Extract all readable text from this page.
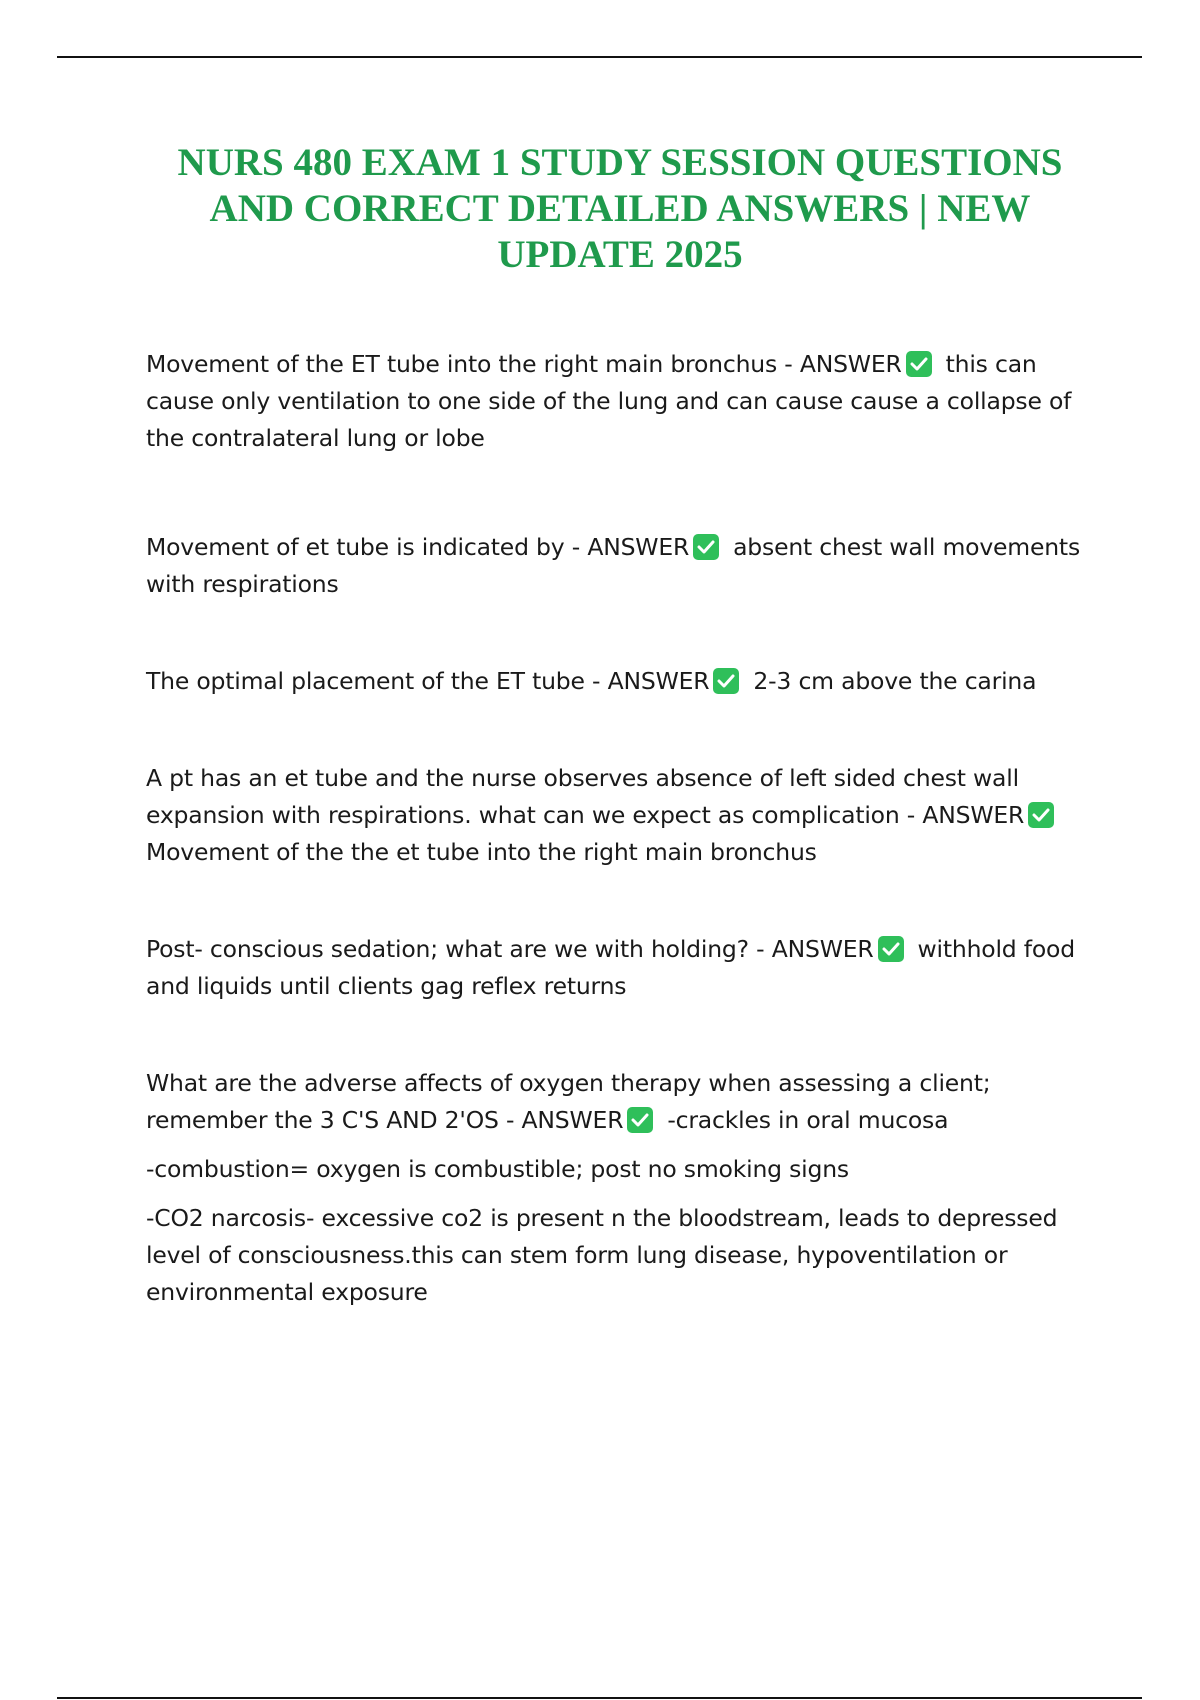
NURS 480 EXAM 1 STUDY SESSION QUESTIONS AND CORRECT DETAILED ANSWERS | NEW UPDATE 2025

Movement of the ET tube into the right main bronchus - ANSWER this can cause only ventilation to one side of the lung and can cause cause a collapse of the contralateral lung or lobe

Movement of et tube is indicated by - ANSWER absent chest wall movements with respirations

The optimal placement of the ET tube - ANSWER 2-3 cm above the carina

A pt has an et tube and the nurse observes absence of left sided chest wall expansion with respirations. what can we expect as complication - ANSWER
Movement of the the et tube into the right main bronchus

Post- conscious sedation; what are we with holding? - ANSWER withhold food and liquids until clients gag reflex returns

What are the adverse affects of oxygen therapy when assessing a client; remember the 3 C'S AND 2'OS - ANSWER -crackles in oral mucosa

-combustion= oxygen is combustible; post no smoking signs

-CO2 narcosis- excessive co2 is present n the bloodstream, leads to depressed level of consciousness.this can stem form lung disease, hypoventilation or environmental exposure
